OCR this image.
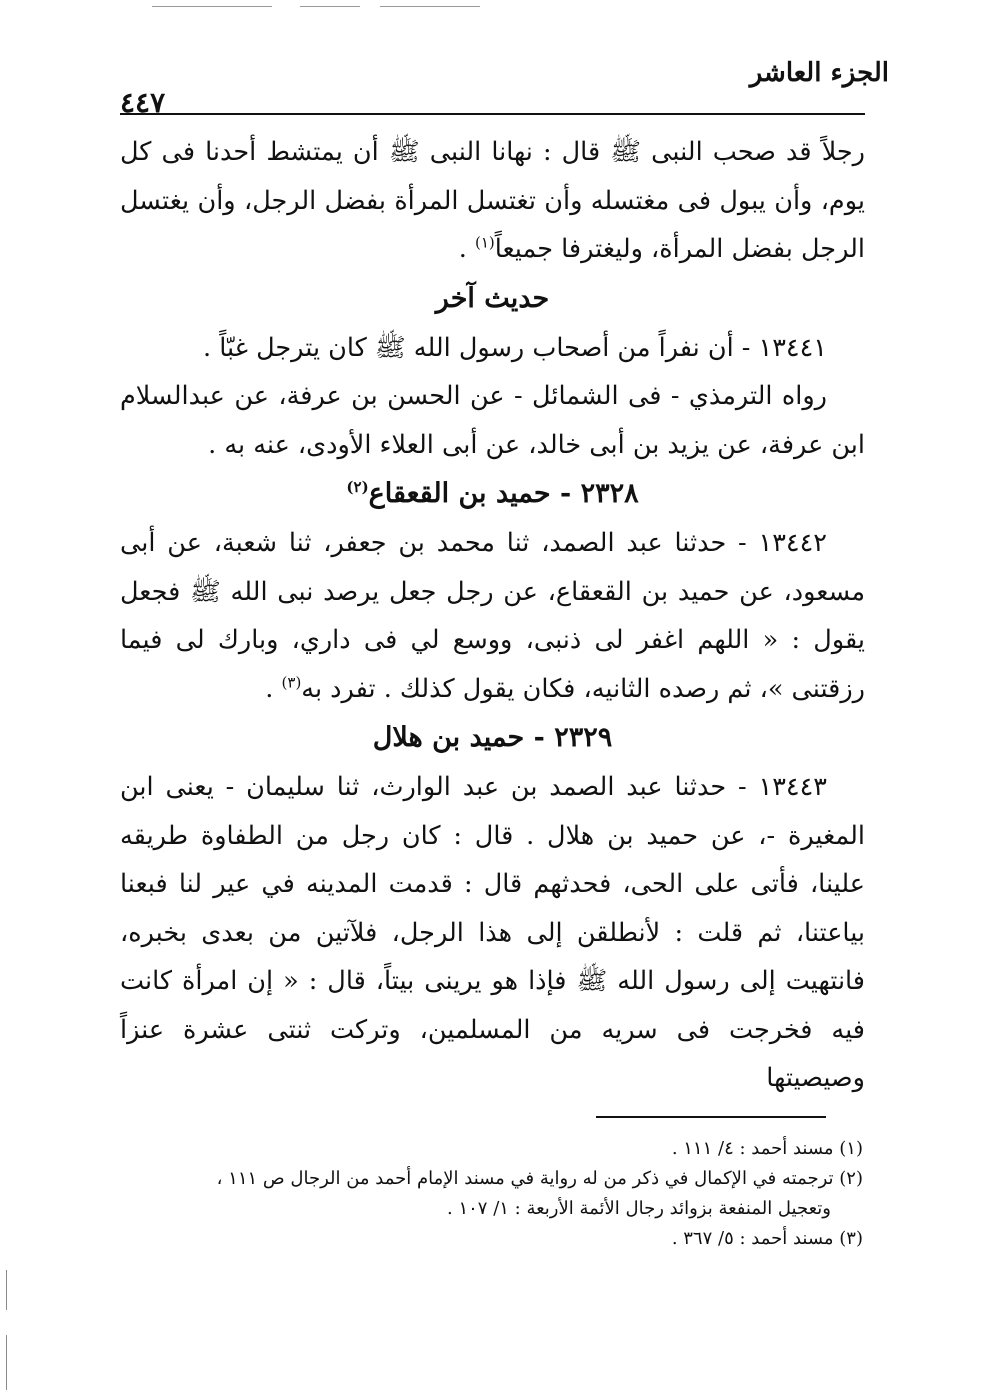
الجزء العاشر
٤٤٧

رجلاً قد صحب النبى ﷺ قال : نهانا النبى ﷺ أن يمتشط أحدنا فى كل يوم، وأن يبول فى مغتسله وأن تغتسل المرأة بفضل الرجل، وأن يغتسل الرجل بفضل المرأة، وليغترفا جميعاً$^{(١)}$ .

حديث آخر

١٣٤٤١ - أن نفراً من أصحاب رسول الله ﷺ كان يترجل غبّاً .

رواه الترمذي - فى الشمائل - عن الحسن بن عرفة، عن عبدالسلام ابن عرفة، عن يزيد بن أبى خالد، عن أبى العلاء الأودى، عنه به .

٢٣٢٨ - حميد بن القعقاع$^{(٢)}$

١٣٤٤٢ - حدثنا عبد الصمد، ثنا محمد بن جعفر، ثنا شعبة، عن أبى مسعود، عن حميد بن القعقاع، عن رجل جعل يرصد نبى الله ﷺ فجعل يقول : « اللهم اغفر لى ذنبى، ووسع لي فى داري، وبارك لى فيما رزقتنى »، ثم رصده الثانيه، فكان يقول كذلك . تفرد به$^{(٣)}$ .

٢٣٢٩ - حميد بن هلال

١٣٤٤٣ - حدثنا عبد الصمد بن عبد الوارث، ثنا سليمان - يعنى ابن المغيرة -، عن حميد بن هلال . قال : كان رجل من الطفاوة طريقه علينا، فأتى على الحى، فحدثهم قال : قدمت المدينه في عير لنا فبعنا بياعتنا، ثم قلت : لأنطلقن إلى هذا الرجل، فلآتين من بعدى بخبره، فانتهيت إلى رسول الله ﷺ فإذا هو يرينى بيتاً، قال : « إن امرأة كانت فيه فخرجت فى سريه من المسلمين، وتركت ثنتى عشرة عنزاً وصيصيتها

(١) مسند أحمد : ٤/ ١١١ .

(٢) ترجمته في الإكمال في ذكر من له رواية في مسند الإمام أحمد من الرجال ص ١١١ ،

وتعجيل المنفعة بزوائد رجال الأئمة الأربعة : ١/ ١٠٧ .

(٣) مسند أحمد : ٥/ ٣٦٧ .
